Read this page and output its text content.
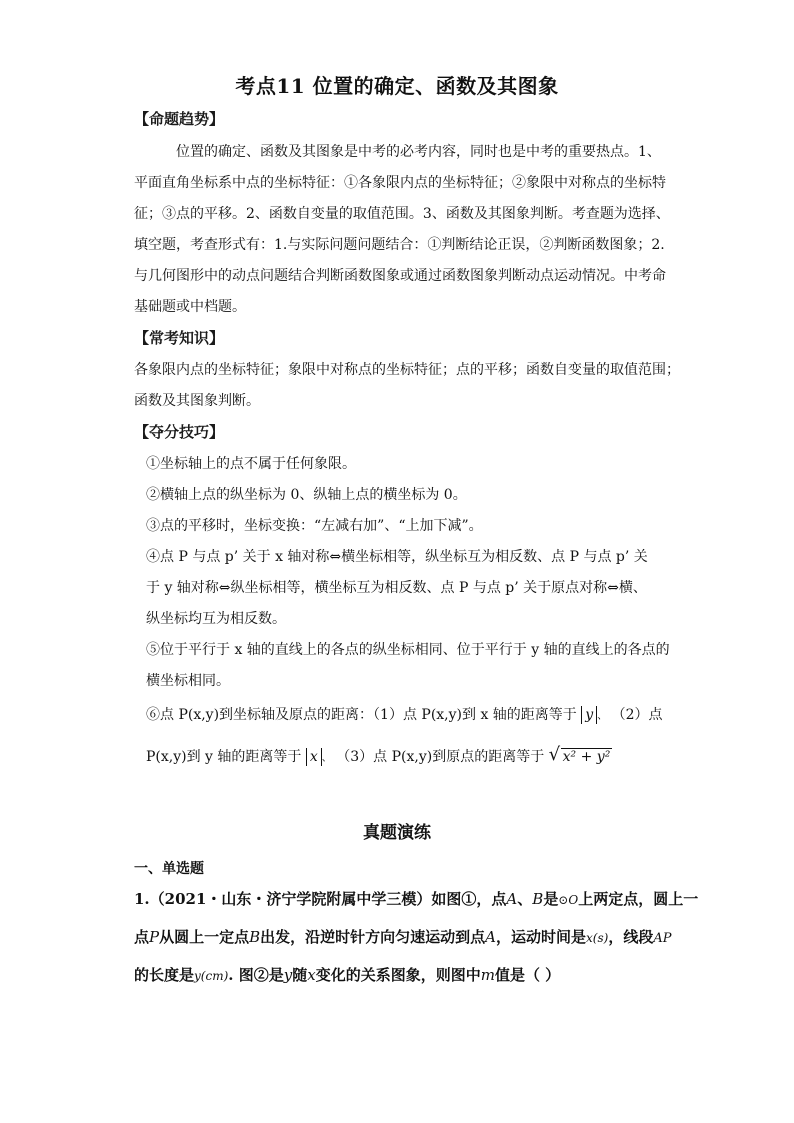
考点11 位置的确定、函数及其图象
【命题趋势】
位置的确定、函数及其图象是中考的必考内容，同时也是中考的重要热点。1、
平面直角坐标系中点的坐标特征：①各象限内点的坐标特征；②象限中对称点的坐标特
征；③点的平移。2、函数自变量的取值范围。3、函数及其图象判断。考查题为选择、
填空题，考查形式有：1.与实际问题问题结合：①判断结论正误，②判断函数图象；2.
与几何图形中的动点问题结合判断函数图象或通过函数图象判断动点运动情况。中考命
基础题或中档题。
【常考知识】
各象限内点的坐标特征；象限中对称点的坐标特征；点的平移；函数自变量的取值范围；
函数及其图象判断。
【夺分技巧】
①坐标轴上的点不属于任何象限。
②横轴上点的纵坐标为 0、纵轴上点的横坐标为 0。
③点的平移时，坐标变换：“左减右加”、“上加下减”。
④点 P 与点 p’ 关于 x 轴对称⇔横坐标相等，纵坐标互为相反数、点 P 与点 p’ 关
于 y 轴对称⇔纵坐标相等，横坐标互为相反数、点 P 与点 p’ 关于原点对称⇔横、
纵坐标均互为相反数。
⑤位于平行于 x 轴的直线上的各点的纵坐标相同、位于平行于 y 轴的直线上的各点的
横坐标相同。
⑥点 P(x,y)到坐标轴及原点的距离：（1）点 P(x,y)到 x 轴的距离等于 y 、 （2）点
P(x,y)到 y 轴的距离等于 x 、 （3）点 P(x,y)到原点的距离等于 √ x² + y²
真题演练
一、单选题
1.（2021・山东・济宁学院附属中学三模）如图①，点A、B是⊙O上两定点，圆上一
点P从圆上一定点B出发，沿逆时针方向匀速运动到点A，运动时间是x(s)，线段AP
的长度是y(cm). 图②是y随x变化的关系图象，则图中m值是（ ）
